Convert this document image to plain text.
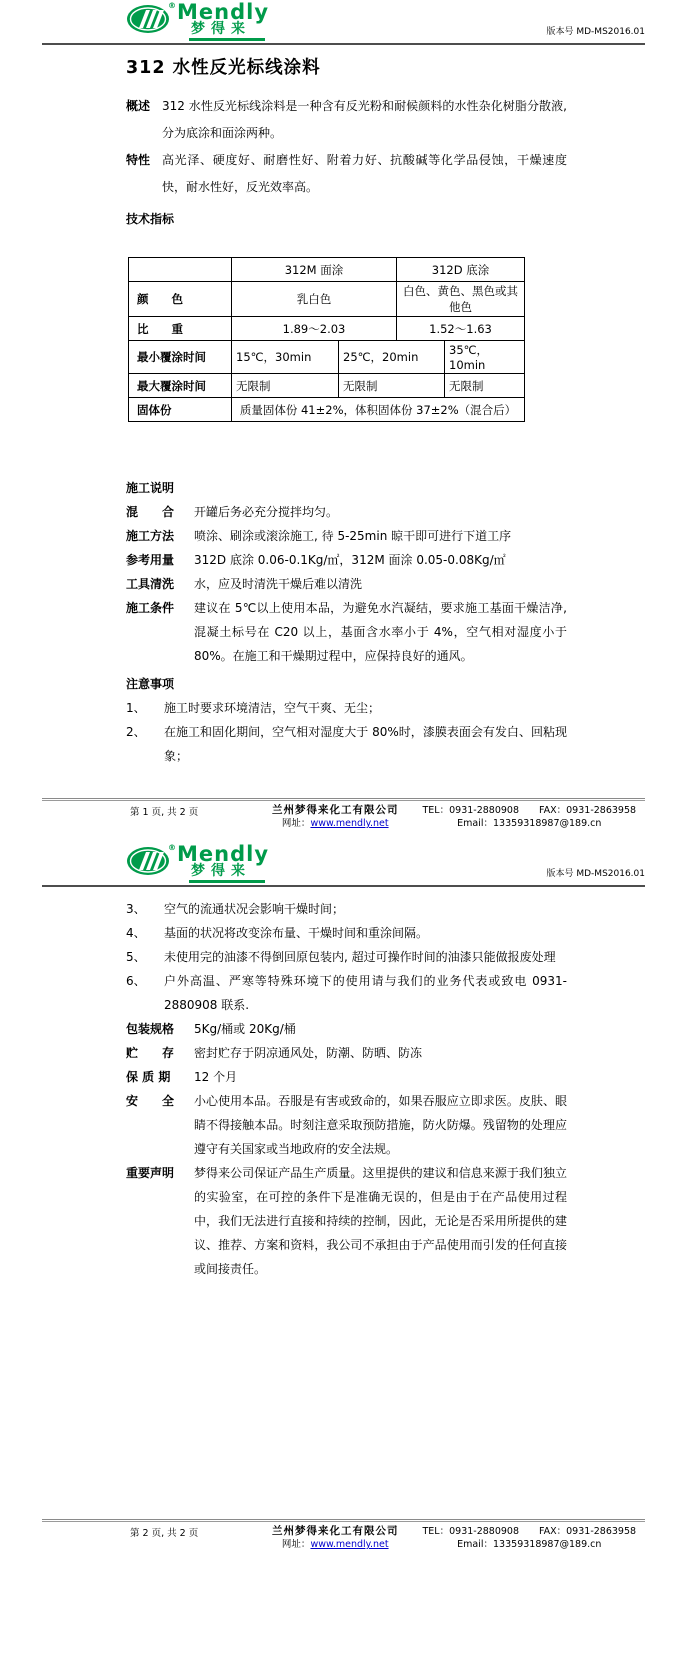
® Mendly
梦得来	版本号 MD-MS2016.01
312 水性反光标线涂料
概述 312 水性反光标线涂料是一种含有反光粉和耐候颜料的水性杂化树脂分散液, 分为底涂和面涂两种。
特性 高光泽、硬度好、耐磨性好、附着力好、抗酸碱等化学品侵蚀，干燥速度快，耐水性好，反光效率高。
技术指标
	312M 面涂		312D 底涂	
颜　　色	乳白色		白色、黄色、黑色或其他色	
比　　重	1.89～2.03		1.52～1.63	
最小覆涂时间	15℃，30min	25℃，20min		35℃，10min
最大覆涂时间	无限制	无限制		无限制
固体份	质量固体份 41±2%，体积固体份 37±2%（混合后）			
施工说明
混　　合	开罐后务必充分搅拌均匀。
施工方法	喷涂、刷涂或滚涂施工, 待 5-25min 晾干即可进行下道工序
参考用量	312D 底涂 0.06-0.1Kg/㎡，312M 面涂 0.05-0.08Kg/㎡
工具清洗	水，应及时清洗干燥后难以清洗
施工条件	建议在 5℃以上使用本品，为避免水汽凝结，要求施工基面干燥洁净, 混凝土标号在 C20 以上，基面含水率小于 4%，空气相对湿度小于 80%。在施工和干燥期过程中，应保持良好的通风。
注意事项
1、	施工时要求环境清洁，空气干爽、无尘；
2、	在施工和固化期间，空气相对湿度大于 80%时，漆膜表面会有发白、回粘现象；
第 1 页, 共 2 页	兰州梦得来化工有限公司
网址：www.mendly.net
TEL：0931-2880908 FAX：0931-2863958
Email：13359318987@189.cn
® Mendly
梦得来	版本号 MD-MS2016.01
3、	空气的流通状况会影响干燥时间；
4、	基面的状况将改变涂布量、干燥时间和重涂间隔。
5、	未使用完的油漆不得倒回原包装内, 超过可操作时间的油漆只能做报废处理
6、	户外高温、严寒等特殊环境下的使用请与我们的业务代表或致电 0931-2880908 联系.
包装规格	5Kg/桶或 20Kg/桶
贮　　存	密封贮存于阴凉通风处，防潮、防晒、防冻
保 质 期	12 个月
安　　全	小心使用本品。吞服是有害或致命的，如果吞服应立即求医。皮肤、眼睛不得接触本品。时刻注意采取预防措施，防火防爆。残留物的处理应遵守有关国家或当地政府的安全法规。
重要声明	梦得来公司保证产品生产质量。这里提供的建议和信息来源于我们独立的实验室，在可控的条件下是准确无误的，但是由于在产品使用过程中，我们无法进行直接和持续的控制，因此，无论是否采用所提供的建议、推荐、方案和资料，我公司不承担由于产品使用而引发的任何直接或间接责任。
第 2 页, 共 2 页	兰州梦得来化工有限公司
网址：www.mendly.net
TEL：0931-2880908 FAX：0931-2863958
Email：13359318987@189.cn
